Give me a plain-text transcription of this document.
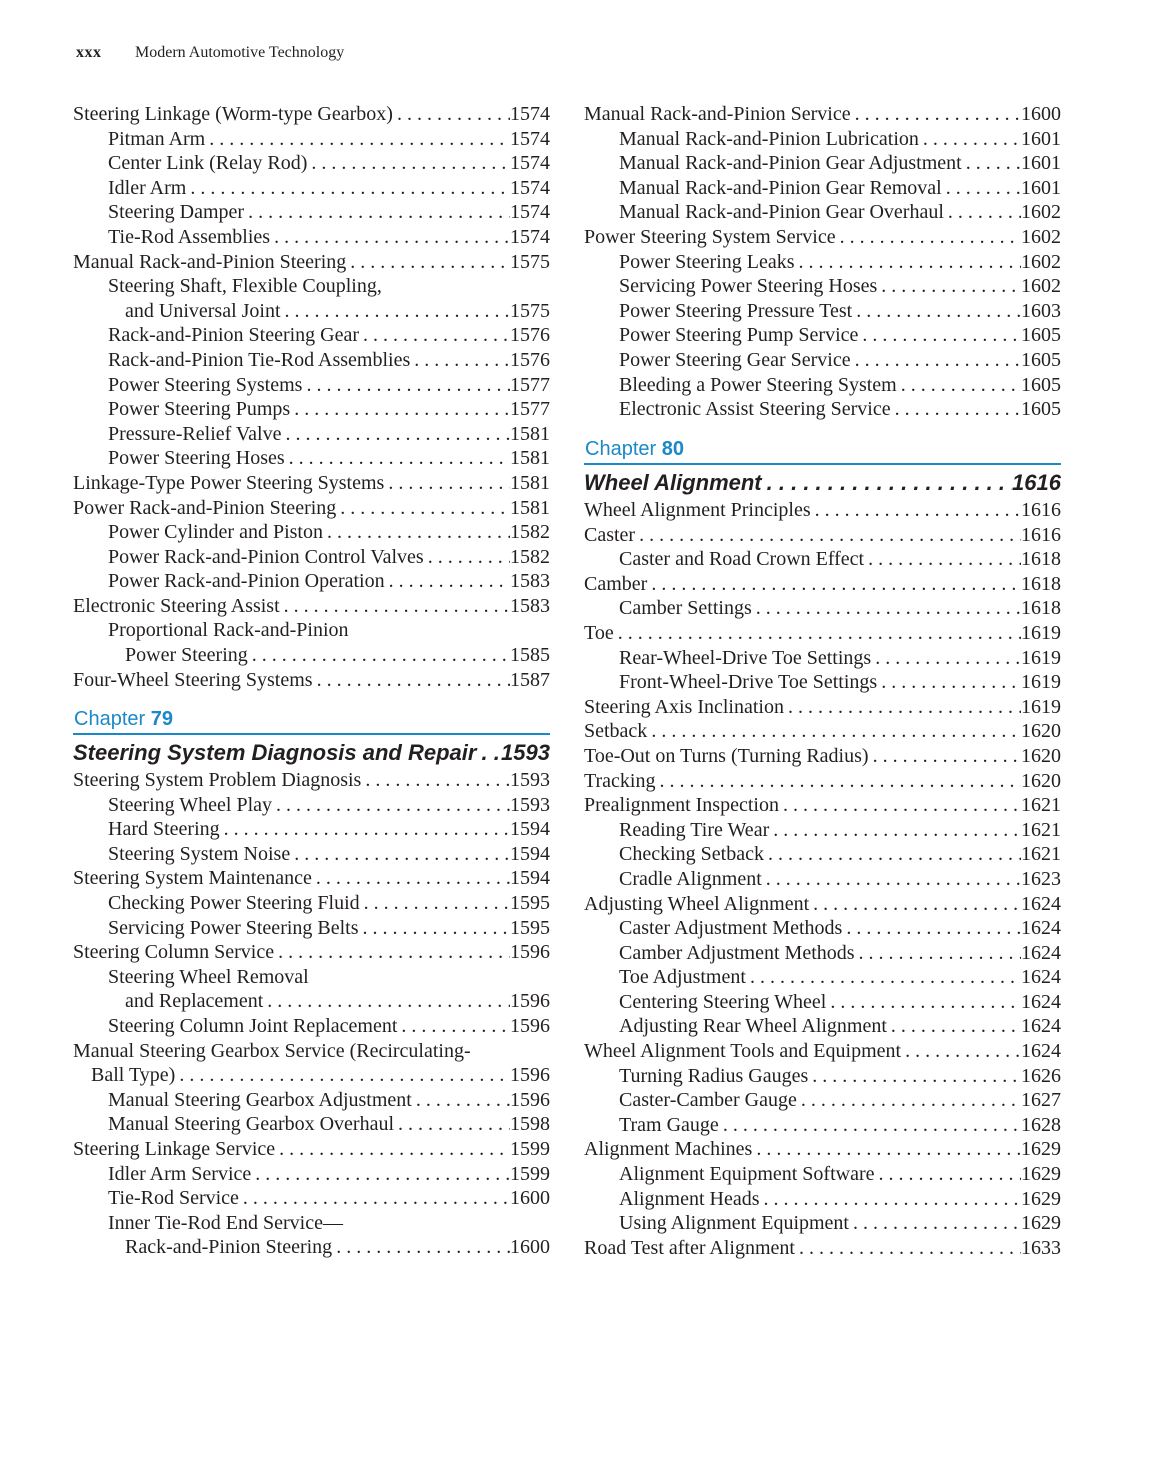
xxx Modern Automotive Technology
Steering Linkage (Worm-type Gearbox) . . .	1574
Pitman Arm . . .	1574
Center Link (Relay Rod) . . .	1574
Idler Arm . . .	1574
Steering Damper . . .	1574
Tie-Rod Assemblies . . .	1574
Manual Rack-and-Pinion Steering . . .	1575
Steering Shaft, Flexible Coupling,
and Universal Joint . . .	1575
Rack-and-Pinion Steering Gear . . .	1576
Rack-and-Pinion Tie-Rod Assemblies . . .	1576
Power Steering Systems . . .	1577
Power Steering Pumps . . .	1577
Pressure-Relief Valve . . .	1581
Power Steering Hoses . . .	1581
Linkage-Type Power Steering Systems . . .	1581
Power Rack-and-Pinion Steering . . .	1581
Power Cylinder and Piston . . .	1582
Power Rack-and-Pinion Control Valves . . .	1582
Power Rack-and-Pinion Operation . . .	1583
Electronic Steering Assist . . .	1583
Proportional Rack-and-Pinion
Power Steering . . .	1585
Four-Wheel Steering Systems . . .	1587
Chapter 79
Steering System Diagnosis and Repair . . . 1593
Steering System Problem Diagnosis . . .	1593
Steering Wheel Play . . .	1593
Hard Steering . . .	1594
Steering System Noise . . .	1594
Steering System Maintenance . . .	1594
Checking Power Steering Fluid . . .	1595
Servicing Power Steering Belts . . .	1595
Steering Column Service . . .	1596
Steering Wheel Removal
and Replacement . . .	1596
Steering Column Joint Replacement . . .	1596
Manual Steering Gearbox Service (Recirculating-
Ball Type) . . .	1596
Manual Steering Gearbox Adjustment . . .	1596
Manual Steering Gearbox Overhaul . . .	1598
Steering Linkage Service . . .	1599
Idler Arm Service . . .	1599
Tie-Rod Service . . .	1600
Inner Tie-Rod End Service—
Rack-and-Pinion Steering . . .	1600
Manual Rack-and-Pinion Service . . .	1600
Manual Rack-and-Pinion Lubrication . . .	1601
Manual Rack-and-Pinion Gear Adjustment . . .	1601
Manual Rack-and-Pinion Gear Removal . . .	1601
Manual Rack-and-Pinion Gear Overhaul . . .	1602
Power Steering System Service . . .	1602
Power Steering Leaks . . .	1602
Servicing Power Steering Hoses . . .	1602
Power Steering Pressure Test . . .	1603
Power Steering Pump Service . . .	1605
Power Steering Gear Service . . .	1605
Bleeding a Power Steering System . . .	1605
Electronic Assist Steering Service . . .	1605
Chapter 80
Wheel Alignment . . .	1616
Wheel Alignment Principles . . .	1616
Caster . . .	1616
Caster and Road Crown Effect . . .	1618
Camber . . .	1618
Camber Settings . . .	1618
Toe . . .	1619
Rear-Wheel-Drive Toe Settings . . .	1619
Front-Wheel-Drive Toe Settings . . .	1619
Steering Axis Inclination . . .	1619
Setback . . .	1620
Toe-Out on Turns (Turning Radius) . . .	1620
Tracking . . .	1620
Prealignment Inspection . . .	1621
Reading Tire Wear . . .	1621
Checking Setback . . .	1621
Cradle Alignment . . .	1623
Adjusting Wheel Alignment . . .	1624
Caster Adjustment Methods . . .	1624
Camber Adjustment Methods . . .	1624
Toe Adjustment . . .	1624
Centering Steering Wheel . . .	1624
Adjusting Rear Wheel Alignment . . .	1624
Wheel Alignment Tools and Equipment . . .	1624
Turning Radius Gauges . . .	1626
Caster-Camber Gauge . . .	1627
Tram Gauge . . .	1628
Alignment Machines . . .	1629
Alignment Equipment Software . . .	1629
Alignment Heads . . .	1629
Using Alignment Equipment . . .	1629
Road Test after Alignment . . .	1633
